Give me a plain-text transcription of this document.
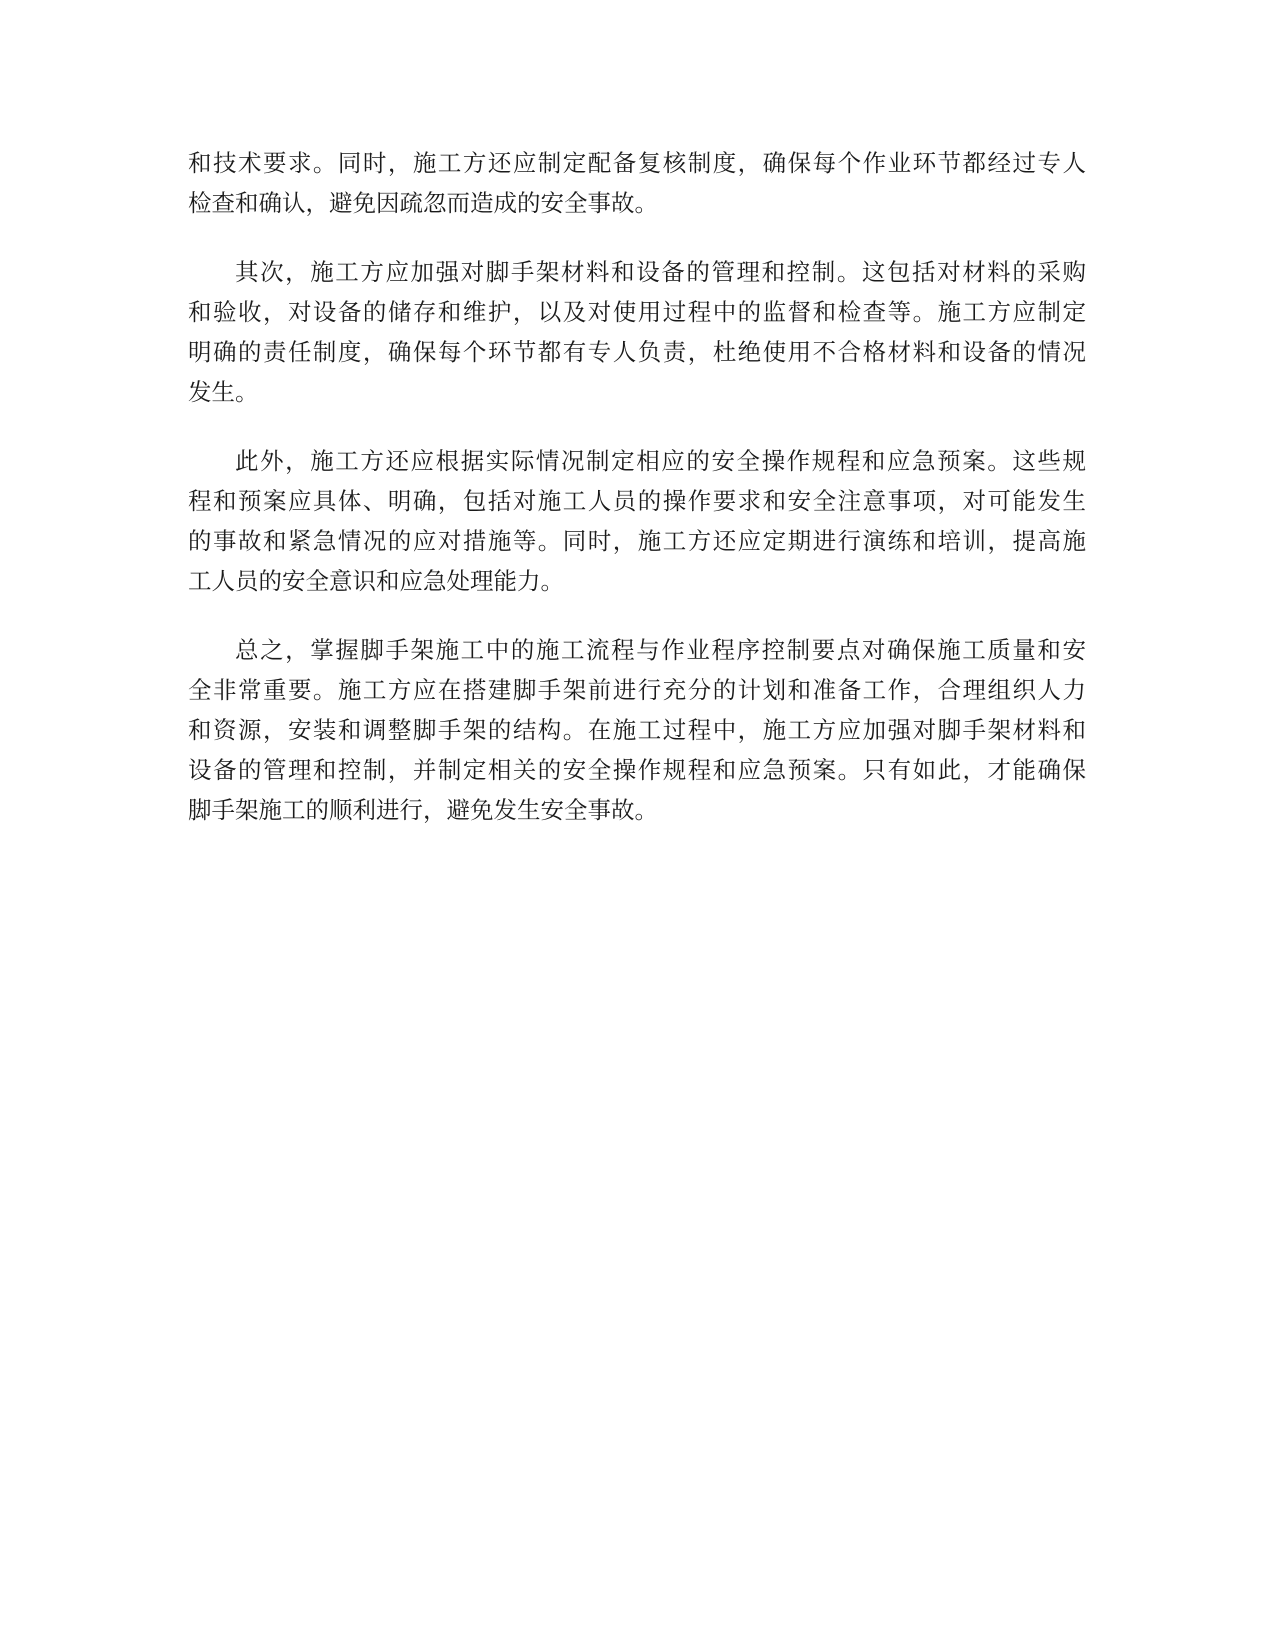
和技术要求。同时，施工方还应制定配备复核制度，确保每个作业环节都经过专人
检查和确认，避免因疏忽而造成的安全事故。
其次，施工方应加强对脚手架材料和设备的管理和控制。这包括对材料的采购
和验收，对设备的储存和维护，以及对使用过程中的监督和检查等。施工方应制定
明确的责任制度，确保每个环节都有专人负责，杜绝使用不合格材料和设备的情况
发生。
此外，施工方还应根据实际情况制定相应的安全操作规程和应急预案。这些规
程和预案应具体、明确，包括对施工人员的操作要求和安全注意事项，对可能发生
的事故和紧急情况的应对措施等。同时，施工方还应定期进行演练和培训，提高施
工人员的安全意识和应急处理能力。
总之，掌握脚手架施工中的施工流程与作业程序控制要点对确保施工质量和安
全非常重要。施工方应在搭建脚手架前进行充分的计划和准备工作，合理组织人力
和资源，安装和调整脚手架的结构。在施工过程中，施工方应加强对脚手架材料和
设备的管理和控制，并制定相关的安全操作规程和应急预案。只有如此，才能确保
脚手架施工的顺利进行，避免发生安全事故。
